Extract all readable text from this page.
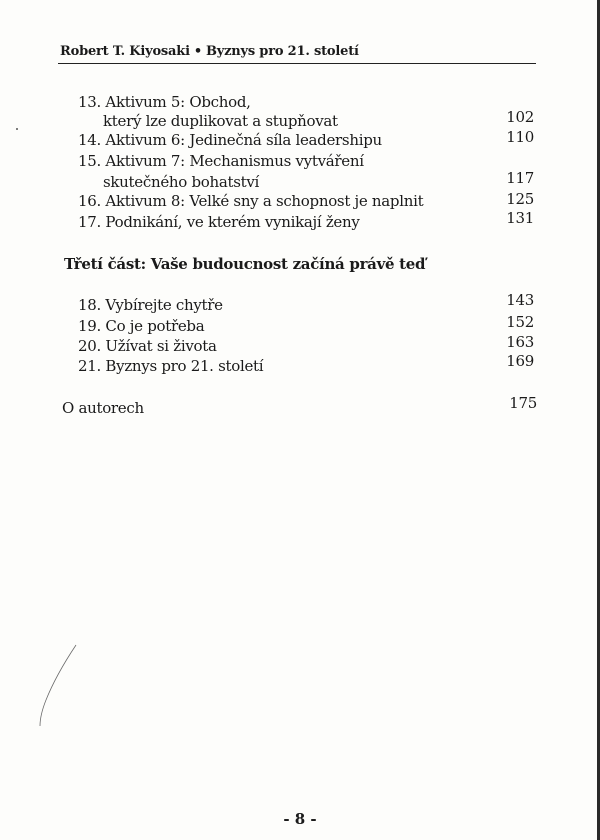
Robert T. Kiyosaki • Byznys pro 21. století
13. Aktivum 5: Obchod,
který lze duplikovat a stupňovat	102
14. Aktivum 6: Jedinečná síla leadershipu	110
15. Aktivum 7: Mechanismus vytváření
skutečného bohatství	117
16. Aktivum 8: Velké sny a schopnost je naplnit	125
17. Podnikání, ve kterém vynikají ženy	131
Třetí část: Vaše budoucnost začíná právě teď
18. Vybírejte chytře	143
19. Co je potřeba	152
20. Užívat si života	163
21. Byznys pro 21. století	169
O autorech	175
- 8 -
